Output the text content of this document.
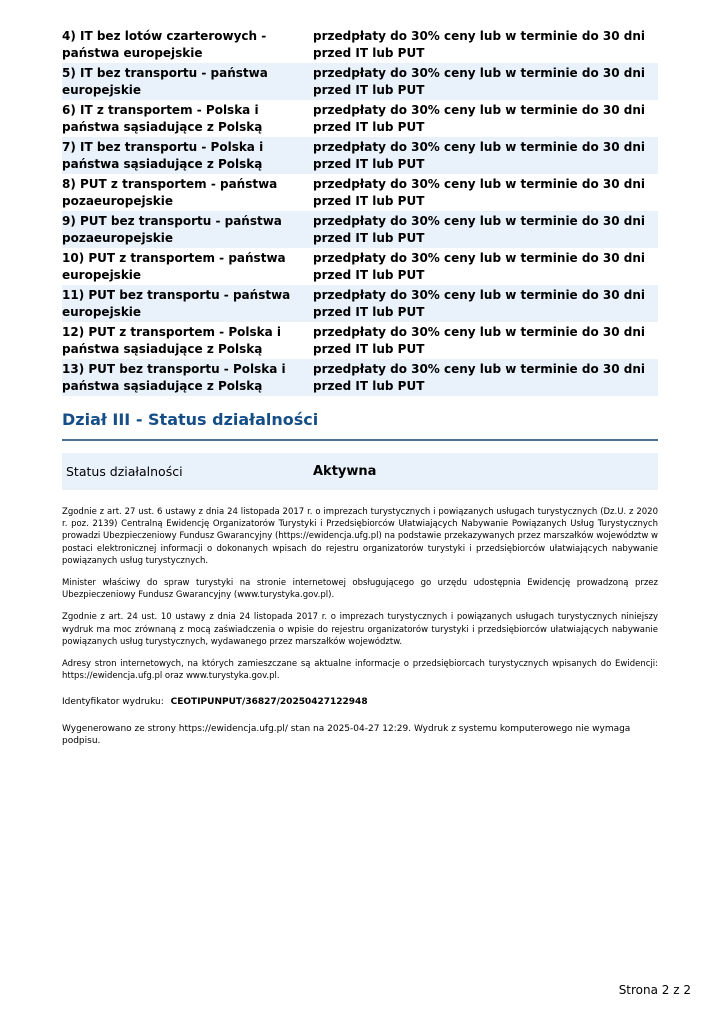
4) IT bez lotów czarterowych - państwa europejskie
przedpłaty do 30% ceny lub w terminie do 30 dni
przed IT lub PUT
5) IT bez transportu - państwa europejskie
przedpłaty do 30% ceny lub w terminie do 30 dni
przed IT lub PUT
6) IT z transportem - Polska i państwa sąsiadujące z Polską
przedpłaty do 30% ceny lub w terminie do 30 dni
przed IT lub PUT
7) IT bez transportu - Polska i państwa sąsiadujące z Polską
przedpłaty do 30% ceny lub w terminie do 30 dni
przed IT lub PUT
8) PUT z transportem - państwa pozaeuropejskie
przedpłaty do 30% ceny lub w terminie do 30 dni
przed IT lub PUT
9) PUT bez transportu - państwa pozaeuropejskie
przedpłaty do 30% ceny lub w terminie do 30 dni
przed IT lub PUT
10) PUT z transportem - państwa europejskie
przedpłaty do 30% ceny lub w terminie do 30 dni
przed IT lub PUT
11) PUT bez transportu - państwa europejskie
przedpłaty do 30% ceny lub w terminie do 30 dni
przed IT lub PUT
12) PUT z transportem - Polska i państwa sąsiadujące z Polską
przedpłaty do 30% ceny lub w terminie do 30 dni
przed IT lub PUT
13) PUT bez transportu - Polska i państwa sąsiadujące z Polską
przedpłaty do 30% ceny lub w terminie do 30 dni
przed IT lub PUT
Dział III - Status działalności
Status działalności	Aktywna

Zgodnie z art. 27 ust. 6 ustawy z dnia 24 listopada 2017 r. o imprezach turystycznych i powiązanych usługach turystycznych (Dz.U. z 2020 r. poz. 2139) Centralną Ewidencję Organizatorów Turystyki i Przedsiębiorców Ułatwiających Nabywanie Powiązanych Usług Turystycznych prowadzi Ubezpieczeniowy Fundusz Gwarancyjny (https://ewidencja.ufg.pl) na podstawie przekazywanych przez marszałków województw w postaci elektronicznej informacji o dokonanych wpisach do rejestru organizatorów turystyki i przedsiębiorców ułatwiających nabywanie powiązanych usług turystycznych.

Minister właściwy do spraw turystyki na stronie internetowej obsługującego go urzędu udostępnia Ewidencję prowadzoną przez Ubezpieczeniowy Fundusz Gwarancyjny (www.turystyka.gov.pl).

Zgodnie z art. 24 ust. 10 ustawy z dnia 24 listopada 2017 r. o imprezach turystycznych i powiązanych usługach turystycznych niniejszy wydruk ma moc zrównaną z mocą zaświadczenia o wpisie do rejestru organizatorów turystyki i przedsiębiorców ułatwiających nabywanie powiązanych usług turystycznych, wydawanego przez marszałków województw.

Adresy stron internetowych, na których zamieszczane są aktualne informacje o przedsiębiorcach turystycznych wpisanych do Ewidencji: https://ewidencja.ufg.pl oraz www.turystyka.gov.pl.

Identyfikator wydruku: CEOTIPUNPUT/36827/20250427122948
Wygenerowano ze strony https://ewidencja.ufg.pl/ stan na 2025-04-27 12:29. Wydruk z systemu komputerowego nie wymaga podpisu.
Strona 2 z 2
